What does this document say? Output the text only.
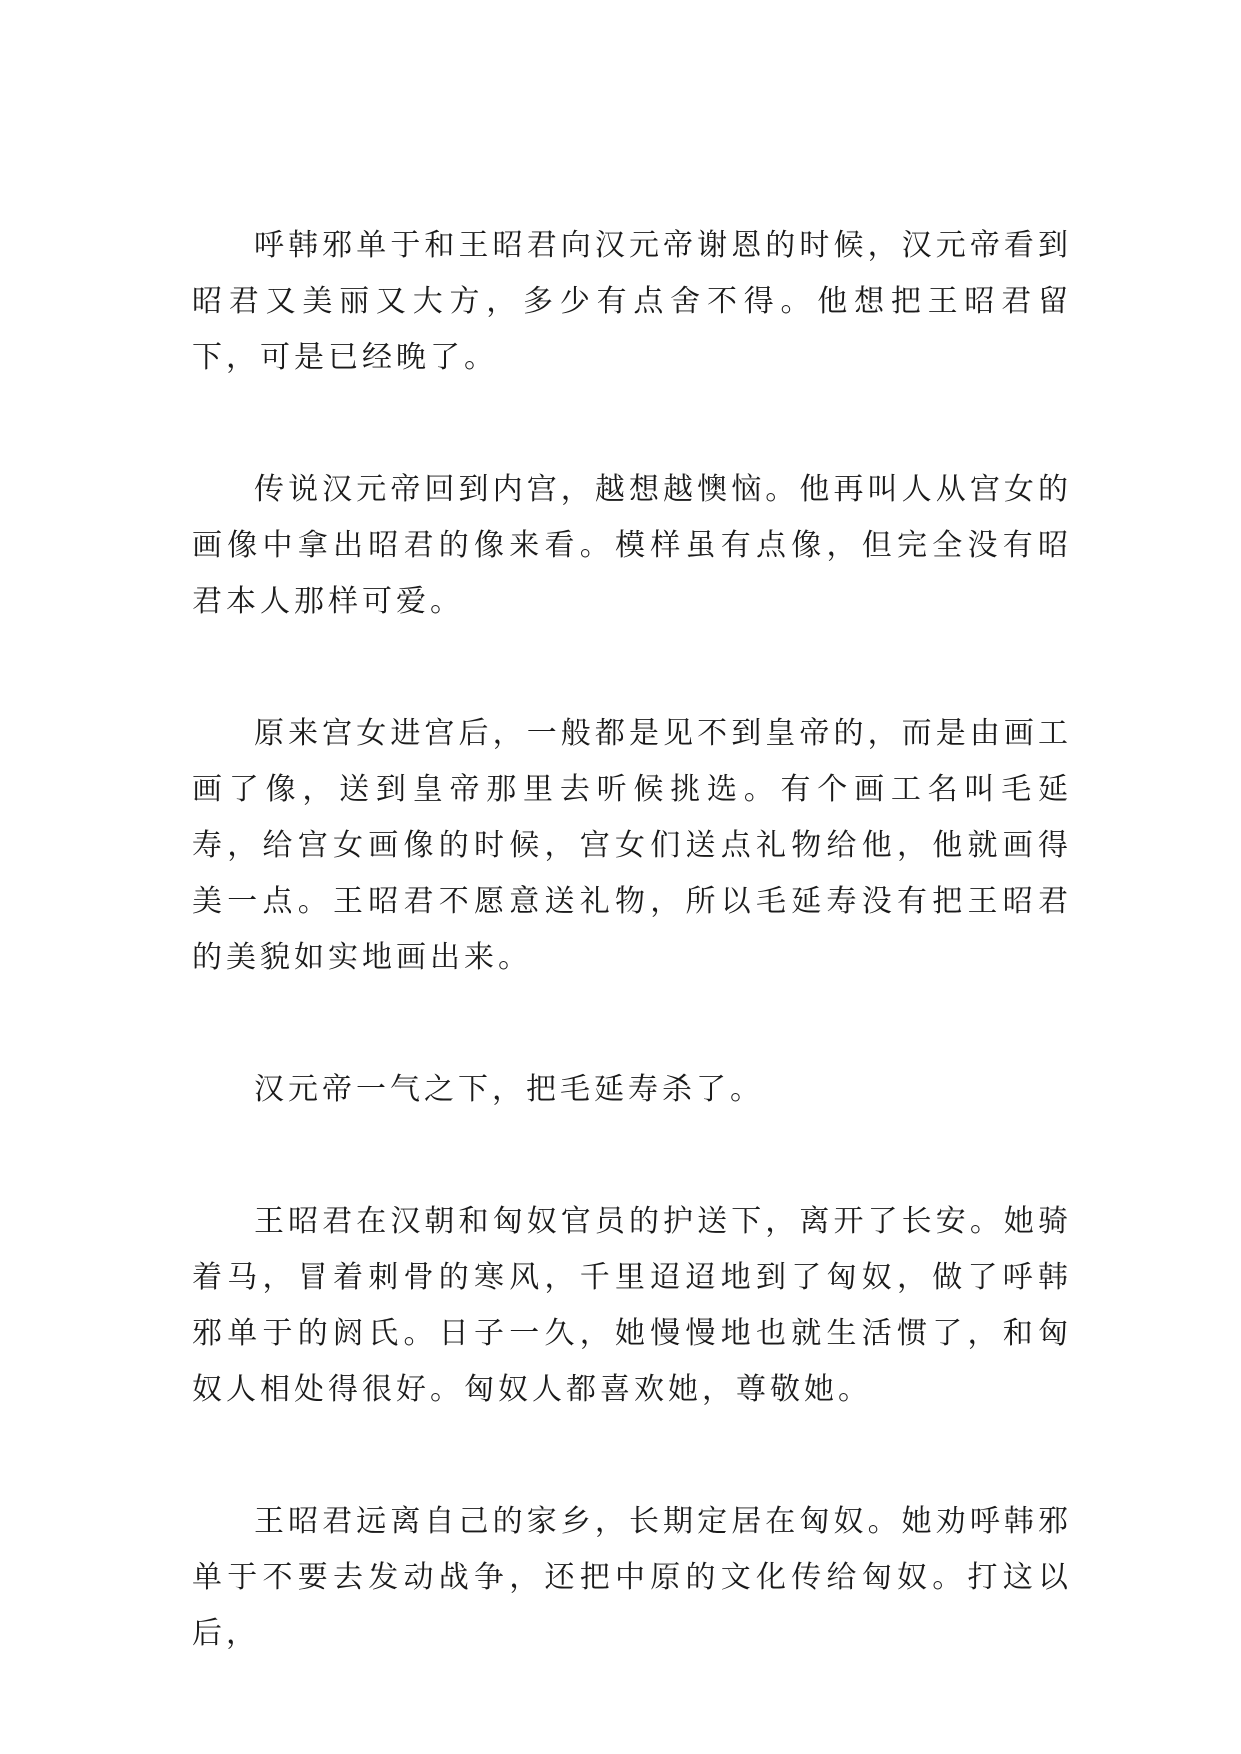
呼韩邪单于和王昭君向汉元帝谢恩的时候，汉元帝看到昭君又美丽又大方，多少有点舍不得。他想把王昭君留下，可是已经晚了。

传说汉元帝回到内宫，越想越懊恼。他再叫人从宫女的画像中拿出昭君的像来看。模样虽有点像，但完全没有昭君本人那样可爱。

原来宫女进宫后，一般都是见不到皇帝的，而是由画工画了像，送到皇帝那里去听候挑选。有个画工名叫毛延寿，给宫女画像的时候，宫女们送点礼物给他，他就画得美一点。王昭君不愿意送礼物，所以毛延寿没有把王昭君的美貌如实地画出来。

汉元帝一气之下，把毛延寿杀了。

王昭君在汉朝和匈奴官员的护送下，离开了长安。她骑着马，冒着刺骨的寒风，千里迢迢地到了匈奴，做了呼韩邪单于的阏氏。日子一久，她慢慢地也就生活惯了，和匈奴人相处得很好。匈奴人都喜欢她，尊敬她。

王昭君远离自己的家乡，长期定居在匈奴。她劝呼韩邪单于不要去发动战争，还把中原的文化传给匈奴。打这以后，
